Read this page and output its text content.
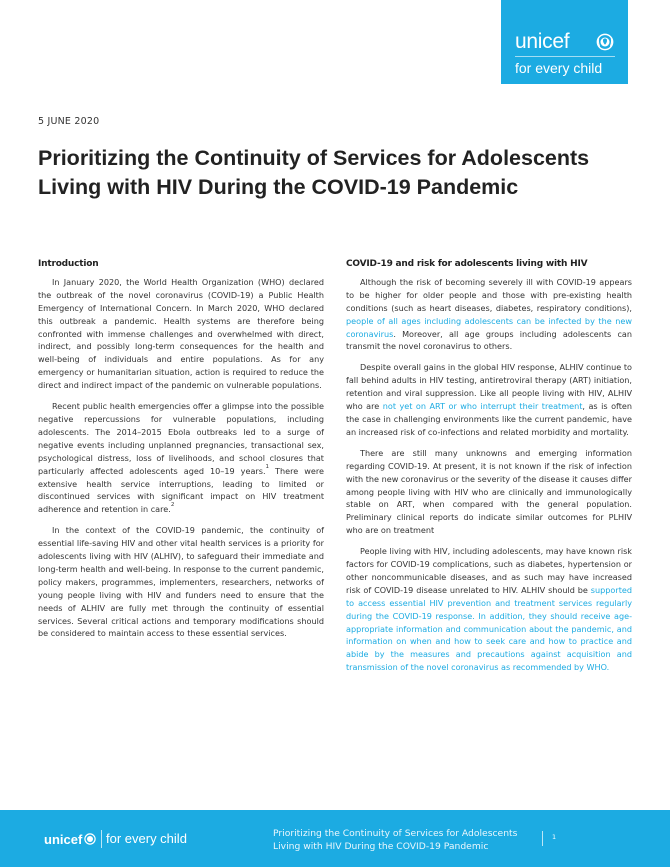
unicef
for every child
5 JUNE 2020
Prioritizing the Continuity of Services for Adolescents
Living with HIV During the COVID-19 Pandemic
Introduction

In January 2020, the World Health Organization (WHO) declared the outbreak of the novel coronavirus (COVID-19) a Public Health Emergency of International Concern. In March 2020, WHO declared this outbreak a pandemic. Health systems are therefore being confronted with immense challenges and overwhelmed with direct, indirect, and possibly long-term consequences for the health and well-being of individuals and entire populations. As for any emergency or humanitarian situation, action is required to reduce the direct and indirect impact of the pandemic on vulnerable populations.

Recent public health emergencies offer a glimpse into the possible negative repercussions for vulnerable populations, including adolescents. The 2014–2015 Ebola outbreaks led to a surge of negative events including unplanned pregnancies, transactional sex, psychological distress, loss of livelihoods, and school closures that particularly affected adolescents aged 10–19 years.$^1$ There were extensive health service interruptions, leading to limited or discontinued services with significant impact on HIV treatment adherence and retention in care.$^2$

In the context of the COVID-19 pandemic, the continuity of essential life-saving HIV and other vital health services is a priority for adolescents living with HIV (ALHIV), to safeguard their immediate and long-term health and well-being. In response to the current pandemic, policy makers, programmes, implementers, researchers, networks of young people living with HIV and funders need to ensure that the needs of ALHIV are fully met through the continuity of essential services. Several critical actions and temporary modifications should be considered to maintain access to these essential services.

COVID-19 and risk for adolescents living with HIV

Although the risk of becoming severely ill with COVID-19 appears to be higher for older people and those with pre-existing health conditions (such as heart diseases, diabetes, respiratory conditions), people of all ages including adolescents can be infected by the new coronavirus. Moreover, all age groups including adolescents can transmit the novel coronavirus to others.

Despite overall gains in the global HIV response, ALHIV continue to fall behind adults in HIV testing, antiretroviral therapy (ART) initiation, retention and viral suppression. Like all people living with HIV, ALHIV who are not yet on ART or who interrupt their treatment, as is often the case in challenging environments like the current pandemic, have an increased risk of co-infections and related morbidity and mortality.

There are still many unknowns and emerging information regarding COVID-19. At present, it is not known if the risk of infection with the new coronavirus or the severity of the disease it causes differ among people living with HIV who are clinically and immunologically stable on ART, when compared with the general population. Preliminary clinical reports do indicate similar outcomes for PLHIV who are on treatment

People living with HIV, including adolescents, may have known risk factors for COVID-19 complications, such as diabetes, hypertension or other noncommunicable diseases, and as such may have increased risk of COVID-19 disease unrelated to HIV. ALHIV should be supported to access essential HIV prevention and treatment services regularly during the COVID-19 response. In addition, they should receive age-appropriate information and communication about the pandemic, and information on when and how to seek care and how to practice and abide by the measures and precautions against acquisition and transmission of the novel coronavirus as recommended by WHO.

unicef for every child	Prioritizing the Continuity of Services for Adolescents
Living with HIV During the COVID-19 Pandemic
1
